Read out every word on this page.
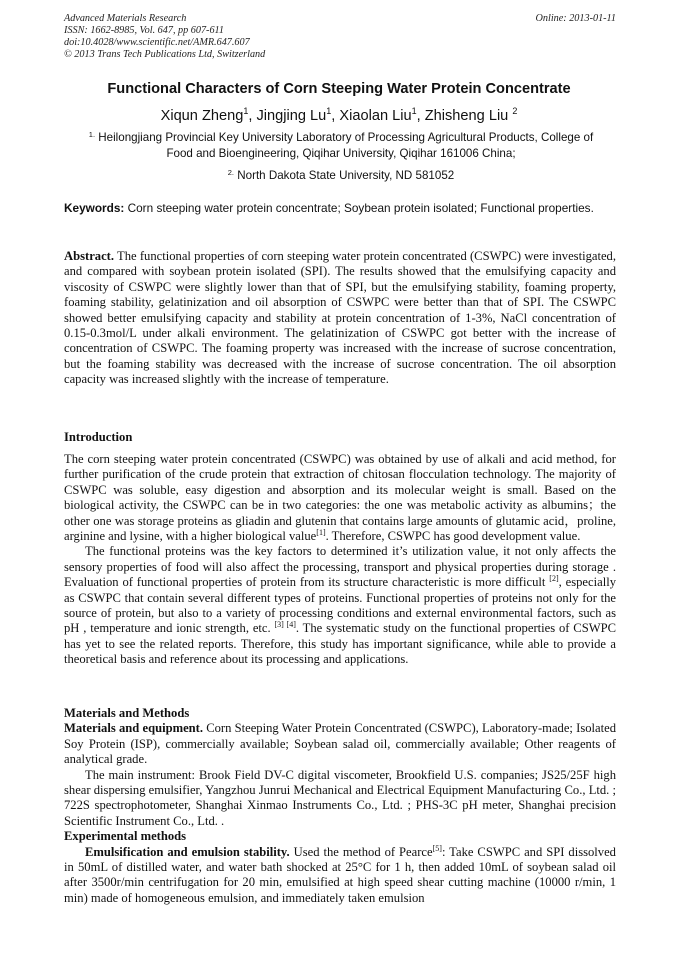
Advanced Materials Research
ISSN: 1662-8985, Vol. 647, pp 607-611
doi:10.4028/www.scientific.net/AMR.647.607
© 2013 Trans Tech Publications Ltd, Switzerland
Online: 2013-01-11
Functional Characters of Corn Steeping Water Protein Concentrate
Xiqun Zheng$^1$, Jingjing Lu$^1$, Xiaolan Liu$^1$, Zhisheng Liu $^2$
$^{1.}$ Heilongjiang Provincial Key University Laboratory of Processing Agricultural Products, College of
Food and Bioengineering, Qiqihar University, Qiqihar 161006 China;
$^{2.}$ North Dakota State University, ND 581052
Keywords: Corn steeping water protein concentrate; Soybean protein isolated; Functional properties.

Abstract. The functional properties of corn steeping water protein concentrated (CSWPC) were investigated, and compared with soybean protein isolated (SPI). The results showed that the emulsifying capacity and viscosity of CSWPC were slightly lower than that of SPI, but the emulsifying stability, foaming property, foaming stability, gelatinization and oil absorption of CSWPC were better than that of SPI. The CSWPC showed better emulsifying capacity and stability at protein concentration of 1-3%, NaCl concentration of 0.15-0.3mol/L under alkali environment. The gelatinization of CSWPC got better with the increase of concentration of CSWPC. The foaming property was increased with the increase of sucrose concentration, but the foaming stability was decreased with the increase of sucrose concentration. The oil absorption capacity was increased slightly with the increase of temperature.

Introduction

The corn steeping water protein concentrated (CSWPC) was obtained by use of alkali and acid method, for further purification of the crude protein that extraction of chitosan flocculation technology. The majority of CSWPC was soluble, easy digestion and absorption and its molecular weight is small. Based on the biological activity, the CSWPC can be in two categories: the one was metabolic activity as albumins；the other one was storage proteins as gliadin and glutenin that contains large amounts of glutamic acid，proline, arginine and lysine, with a higher biological value[1]. Therefore, CSWPC has good development value.

The functional proteins was the key factors to determined it’s utilization value, it not only affects the sensory properties of food will also affect the processing, transport and physical properties during storage . Evaluation of functional properties of protein from its structure characteristic is more difficult [2], especially as CSWPC that contain several different types of proteins. Functional properties of proteins not only for the source of protein, but also to a variety of processing conditions and external environmental factors, such as pH , temperature and ionic strength, etc. [3] [4]. The systematic study on the functional properties of CSWPC has yet to see the related reports. Therefore, this study has important significance, while able to provide a theoretical basis and reference about its processing and applications.

Materials and Methods

Materials and equipment. Corn Steeping Water Protein Concentrated (CSWPC), Laboratory-made; Isolated Soy Protein (ISP), commercially available; Soybean salad oil, commercially available; Other reagents of analytical grade.

The main instrument: Brook Field DV-C digital viscometer, Brookfield U.S. companies; JS25/25F high shear dispersing emulsifier, Yangzhou Junrui Mechanical and Electrical Equipment Manufacturing Co., Ltd. ; 722S spectrophotometer, Shanghai Xinmao Instruments Co., Ltd. ; PHS-3C pH meter, Shanghai precision Scientific Instrument Co., Ltd. .

Experimental methods

Emulsification and emulsion stability. Used the method of Pearce[5]: Take CSWPC and SPI dissolved in 50mL of distilled water, and water bath shocked at 25°C for 1 h, then added 10mL of soybean salad oil after 3500r/min centrifugation for 20 min, emulsified at high speed shear cutting machine (10000 r/min, 1 min) made of homogeneous emulsion, and immediately taken emulsion
